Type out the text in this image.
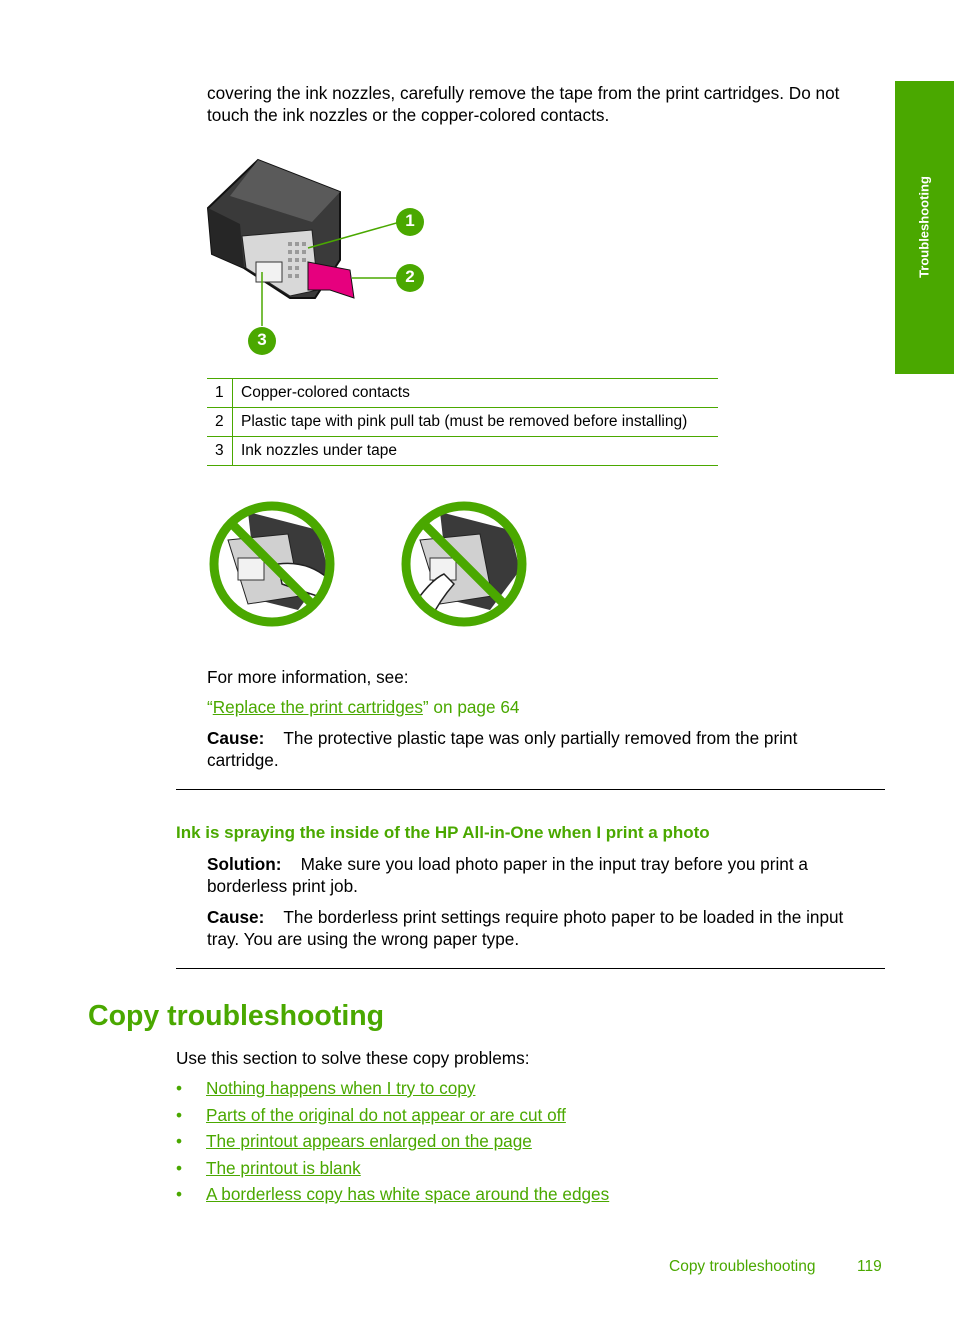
Troubleshooting
covering the ink nozzles, carefully remove the tape from the print cartridges. Do not
touch the ink nozzles or the copper-colored contacts.
1
2
3
1	Copper-colored contacts
2	Plastic tape with pink pull tab (must be removed before installing)
3	Ink nozzles under tape
For more information, see:
“Replace the print cartridges” on page 64
Cause: The protective plastic tape was only partially removed from the print
cartridge.
Ink is spraying the inside of the HP All-in-One when I print a photo
Solution: Make sure you load photo paper in the input tray before you print a
borderless print job.
Cause: The borderless print settings require photo paper to be loaded in the input
tray. You are using the wrong paper type.
Copy troubleshooting
Use this section to solve these copy problems:
• Nothing happens when I try to copy
• Parts of the original do not appear or are cut off
• The printout appears enlarged on the page
• The printout is blank
• A borderless copy has white space around the edges
Copy troubleshooting	119
